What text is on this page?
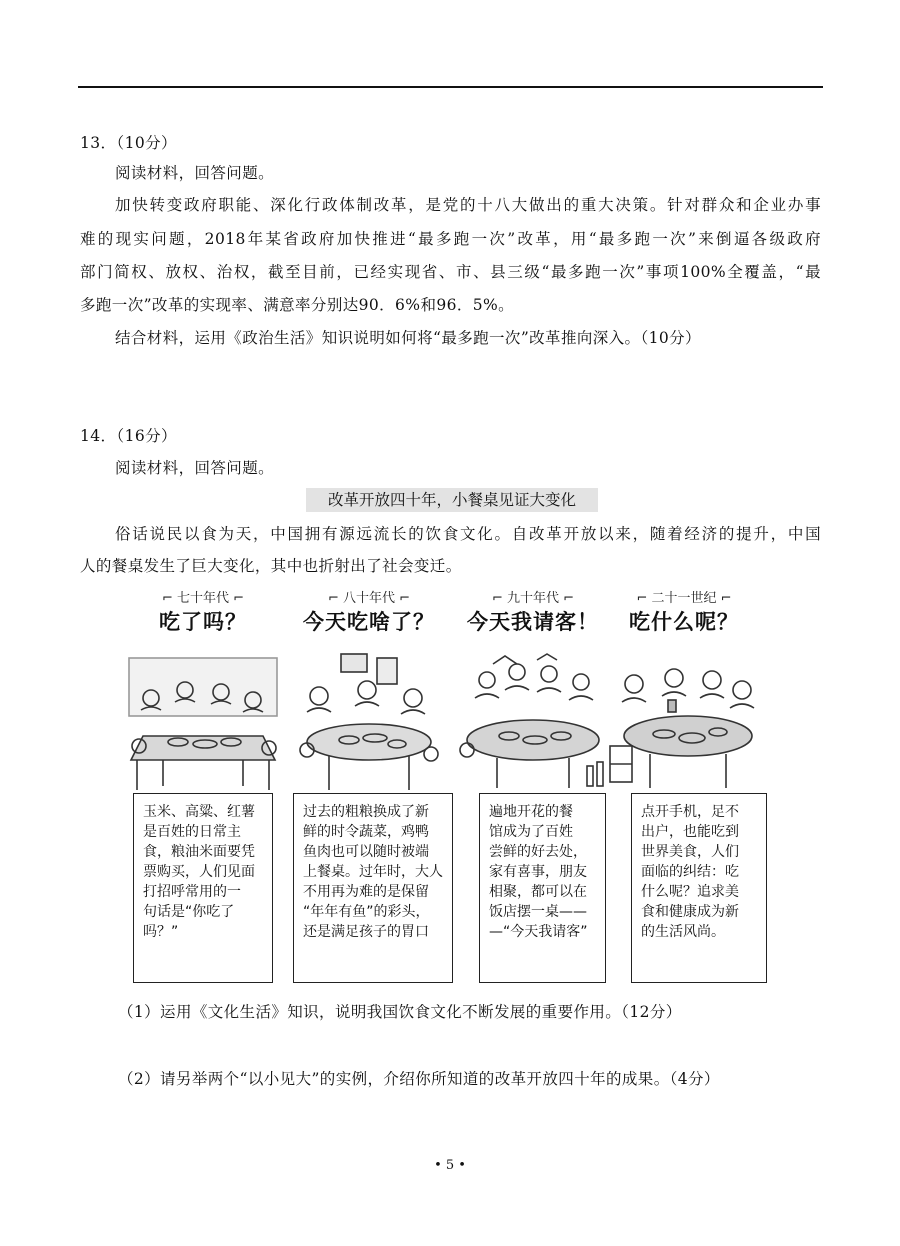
13．（10分）
阅读材料，回答问题。
加快转变政府职能、深化行政体制改革，是党的十八大做出的重大决策。针对群众和企业办事
难的现实问题，2018年某省政府加快推进“最多跑一次”改革，用“最多跑一次”来倒逼各级政府
部门简权、放权、治权，截至目前，已经实现省、市、县三级“最多跑一次”事项100%全覆盖，“最
多跑一次”改革的实现率、满意率分别达90．6%和96．5%。
结合材料，运用《政治生活》知识说明如何将“最多跑一次”改革推向深入。（10分）
14．（16分）
阅读材料，回答问题。
改革开放四十年，小餐桌见证大变化
俗话说民以食为天，中国拥有源远流长的饮食文化。自改革开放以来，随着经济的提升，中国
人的餐桌发生了巨大变化，其中也折射出了社会变迁。
⌐ 七十年代 ⌐
吃了吗？
玉米、高粱、红薯
是百姓的日常主
食，粮油米面要凭
票购买，人们见面
打招呼常用的一
句话是“你吃了
吗？”
⌐ 八十年代 ⌐
今天吃啥了？
过去的粗粮换成了新
鲜的时令蔬菜，鸡鸭
鱼肉也可以随时被端
上餐桌。过年时，大人
不用再为难的是保留
“年年有鱼”的彩头，
还是满足孩子的胃口
⌐ 九十年代 ⌐
今天我请客！
遍地开花的餐
馆成为了百姓
尝鲜的好去处，
家有喜事，朋友
相聚，都可以在
饭店摆一桌——
—“今天我请客”
⌐ 二十一世纪 ⌐
吃什么呢？
点开手机，足不
出户，也能吃到
世界美食，人们
面临的纠结：吃
什么呢？追求美
食和健康成为新
的生活风尚。
（1）运用《文化生活》知识，说明我国饮食文化不断发展的重要作用。（12分）
（2）请另举两个“以小见大”的实例，介绍你所知道的改革开放四十年的成果。（4分）
• 5 •
